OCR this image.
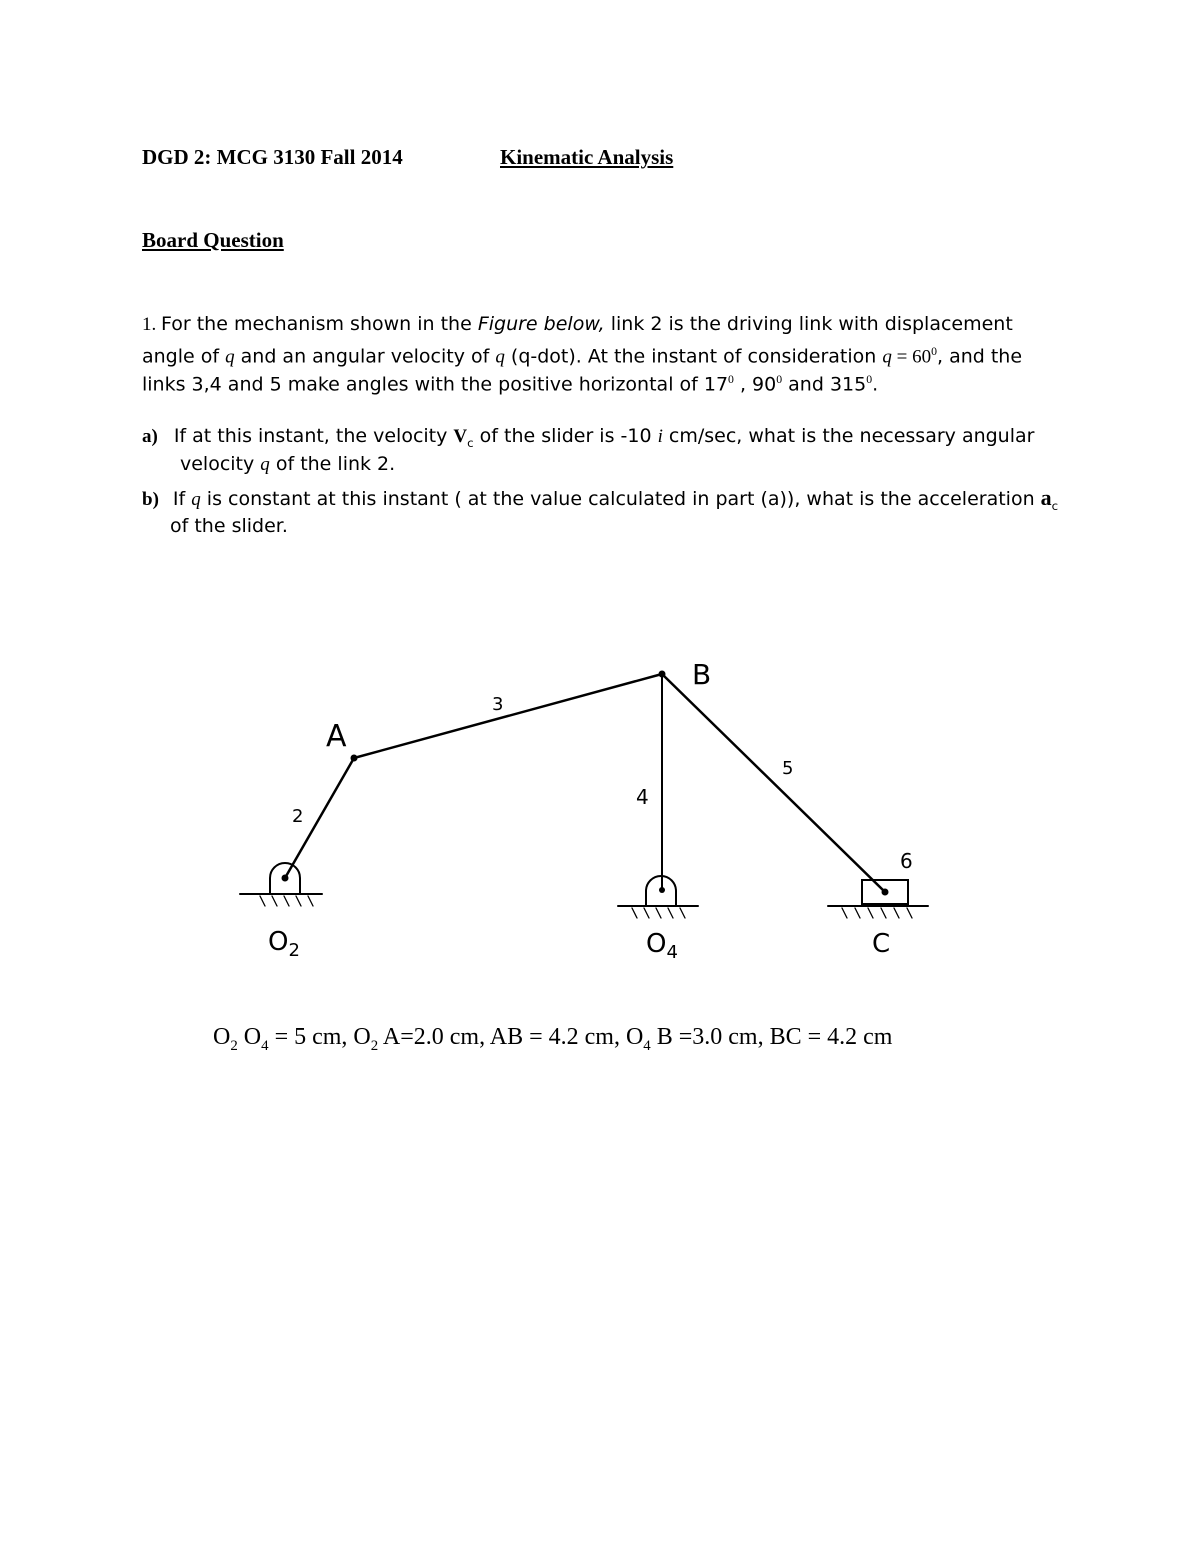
DGD 2: MCG 3130 Fall 2014	Kinematic Analysis
Board Question
1. For the mechanism shown in the Figure below, link 2 is the driving link with displacement
angle of q and an angular velocity of q (q-dot). At the instant of consideration $q = 60^0$, and the
links 3,4 and 5 make angles with the positive horizontal of $17^0$ , $90^0$ and $315^0$.
a) If at this instant, the velocity $V_c$ of the slider is -10 i cm/sec, what is the necessary angular
velocity q of the link 2.
b) If q is constant at this instant ( at the value calculated in part (a)), what is the acceleration $a_c$
of the slider.
A
B
C
2
3
4
5
6
$O_2$	$O_4$
$O_2$ $O_4 = 5$ cm, $O_2$ A=2.0 cm, AB = 4.2 cm, $O_4$ B =3.0 cm, BC = 4.2 cm
